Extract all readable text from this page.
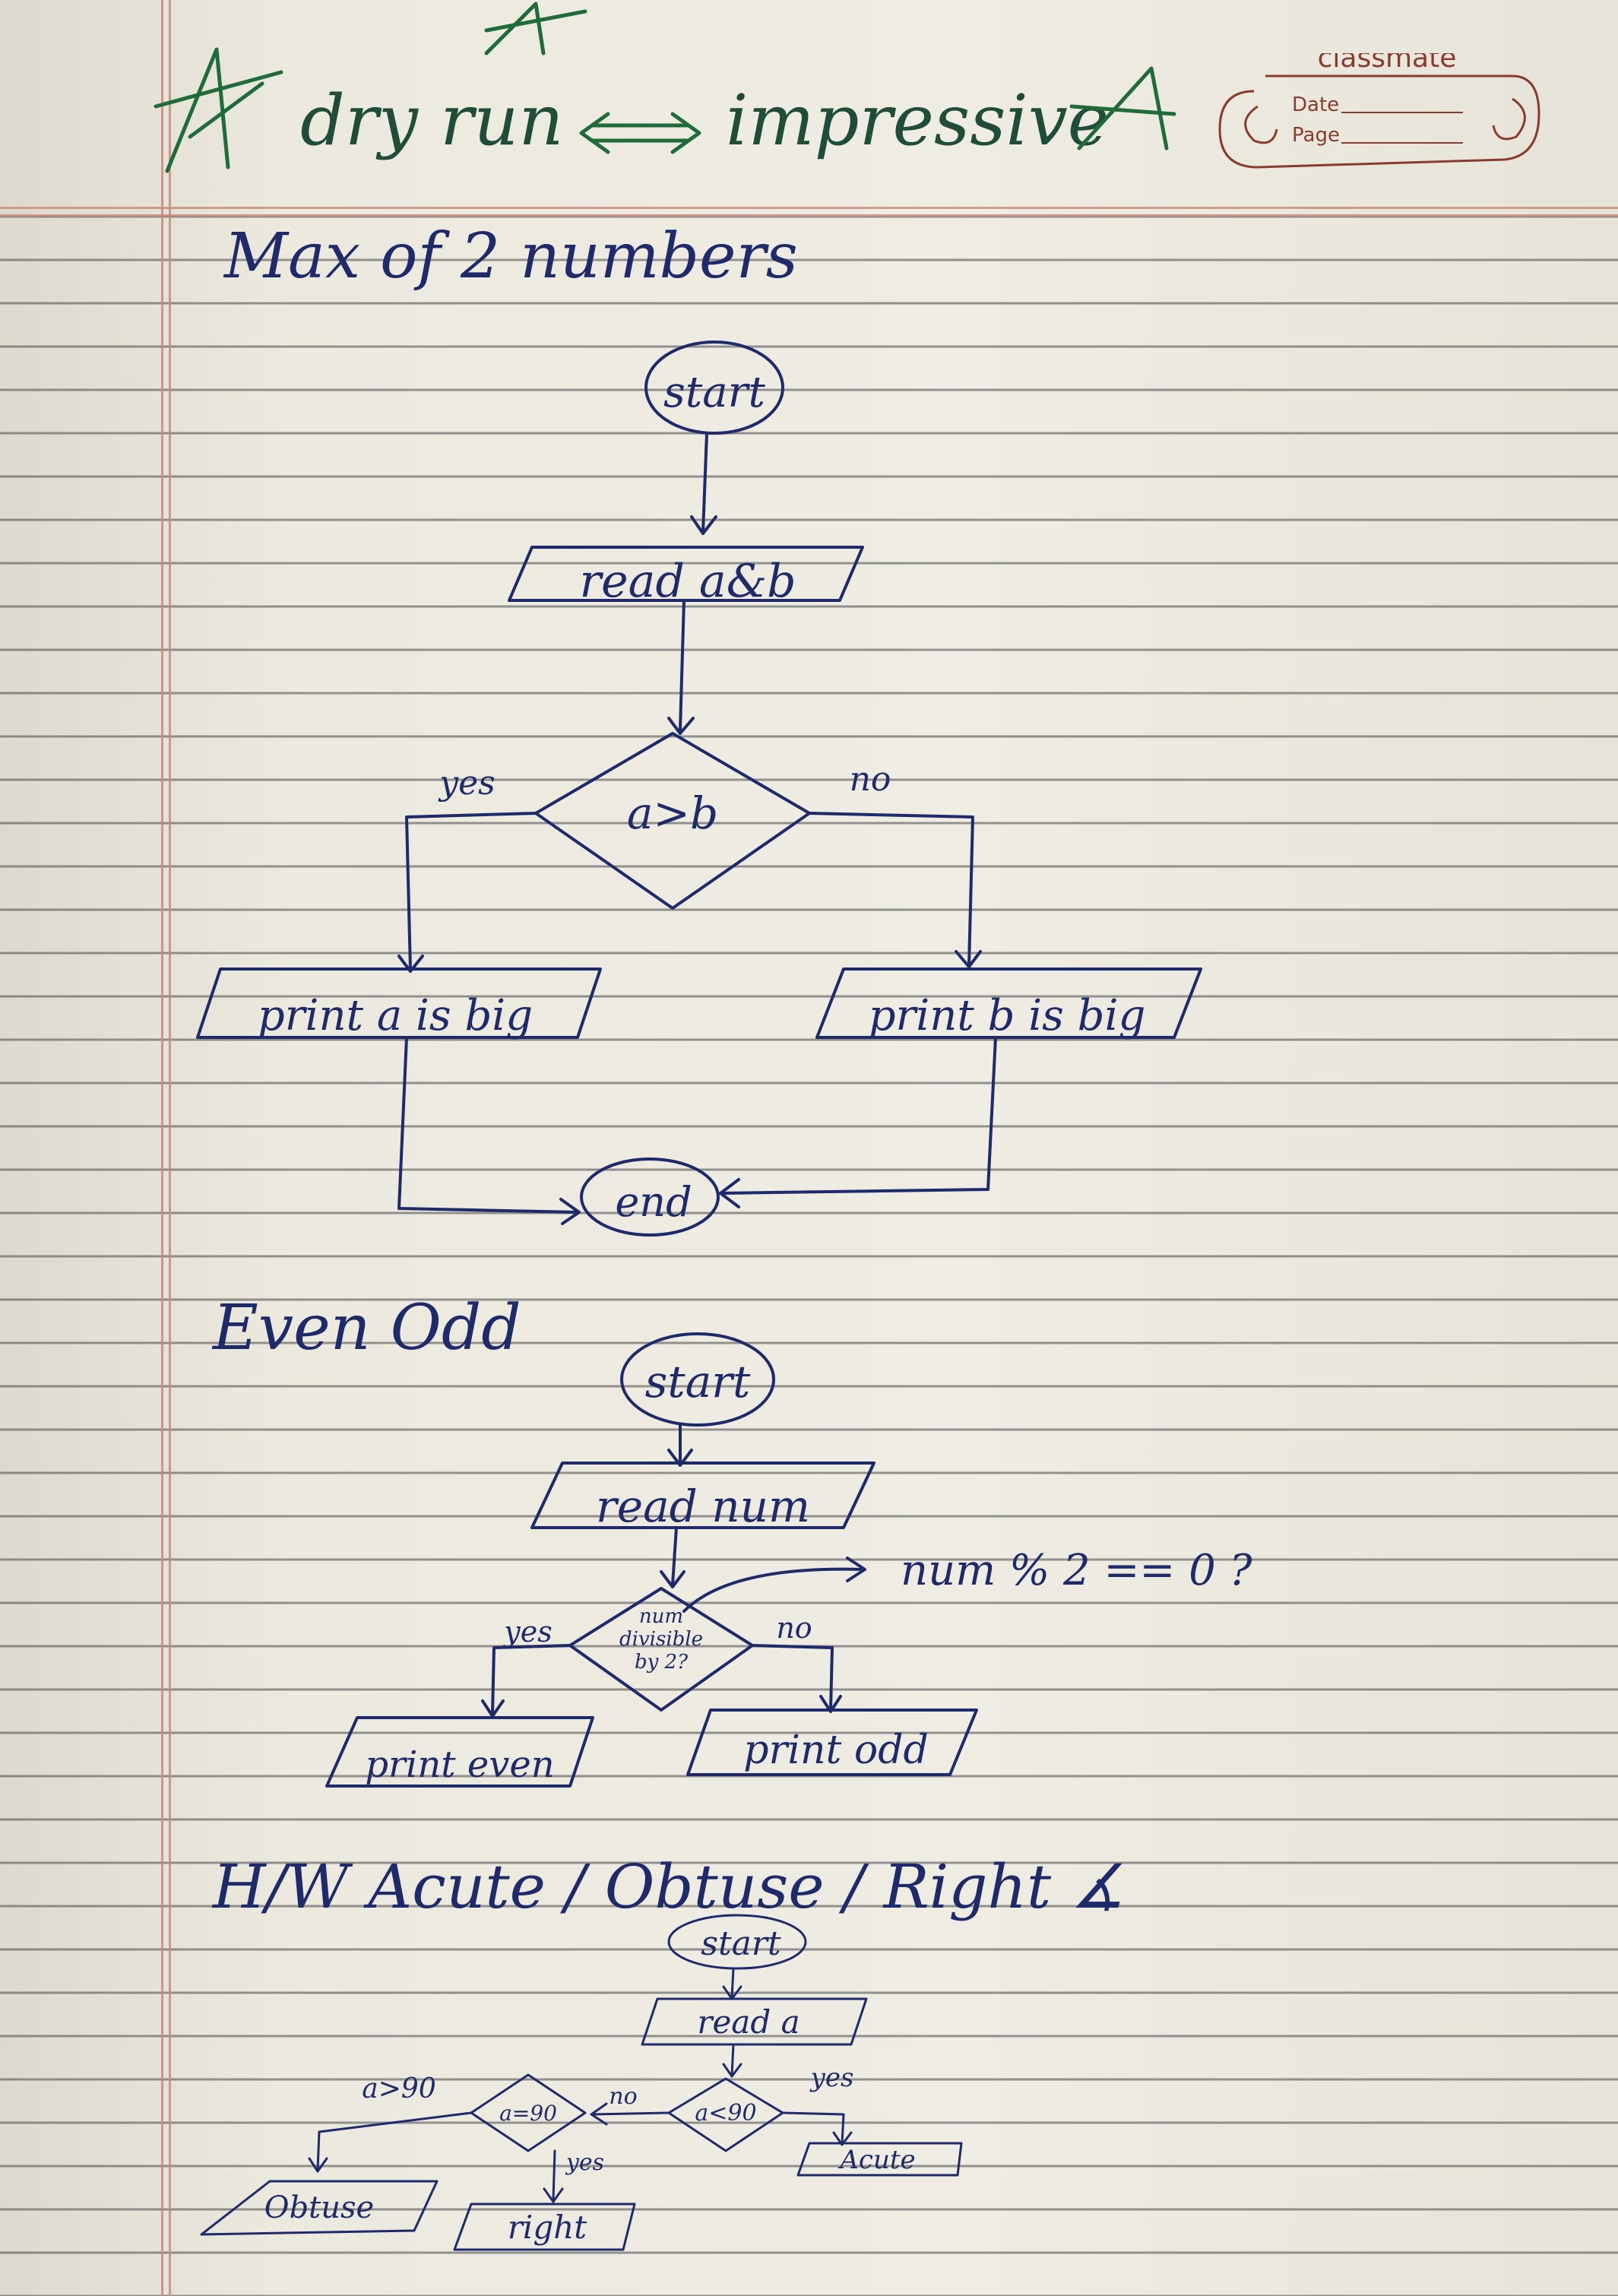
dry run impressive
Max of 2 numbers
start
read a&b
a>b
yes	no
print a is big	print b is big
end
Even Odd
start
read num
num
divisible
by 2?
num % 2 == 0 ?
yes	no
print even	print odd
H/W Acute / Obtuse / Right ∡
start
read a
a<90
yes
Acute
no
a=90
a>90
yes
Obtuse
right
classmate
Date
Page
